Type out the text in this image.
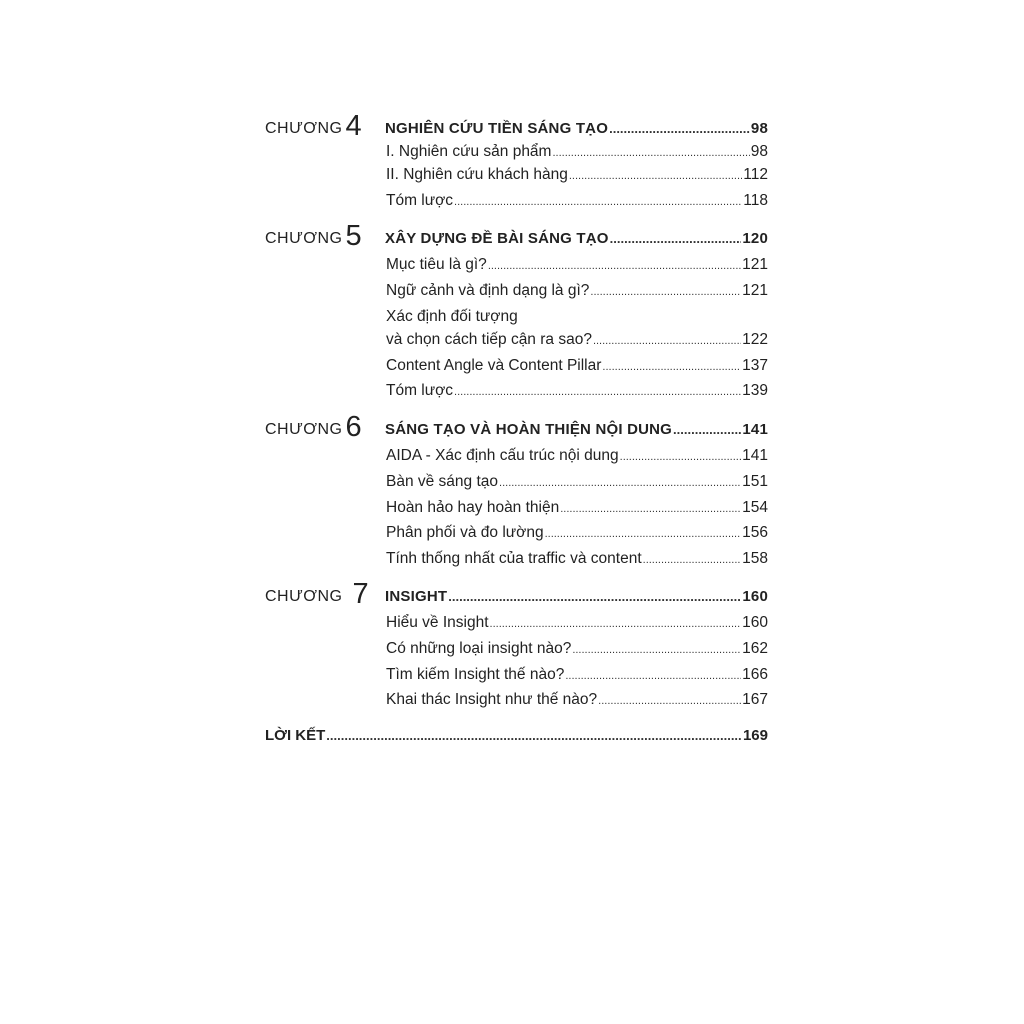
CHƯƠNG 4 NGHIÊN CỨU TIỀN SÁNG TẠO .....	98
I. Nghiên cứu sản phẩm .....	98
II. Nghiên cứu khách hàng .....	112
Tóm lược .....	118
CHƯƠNG 5 XÂY DỰNG ĐỀ BÀI SÁNG TẠO .....	120
Mục tiêu là gì? .....	121
Ngữ cảnh và định dạng là gì? .....	121
Xác định đối tượng
và chọn cách tiếp cận ra sao? .....	122
Content Angle và Content Pillar .....	137
Tóm lược .....	139
CHƯƠNG 6 SÁNG TẠO VÀ HOÀN THIỆN NỘI DUNG .....	141
AIDA - Xác định cấu trúc nội dung .....	141
Bàn về sáng tạo .....	151
Hoàn hảo hay hoàn thiện .....	154
Phân phối và đo lường .....	156
Tính thống nhất của traffic và content .....	158
CHƯƠNG 7 INSIGHT .....	160
Hiểu về Insight .....	160
Có những loại insight nào? .....	162
Tìm kiếm Insight thế nào? .....	166
Khai thác Insight như thế nào? .....	167
LỜI KẾT .....	169
